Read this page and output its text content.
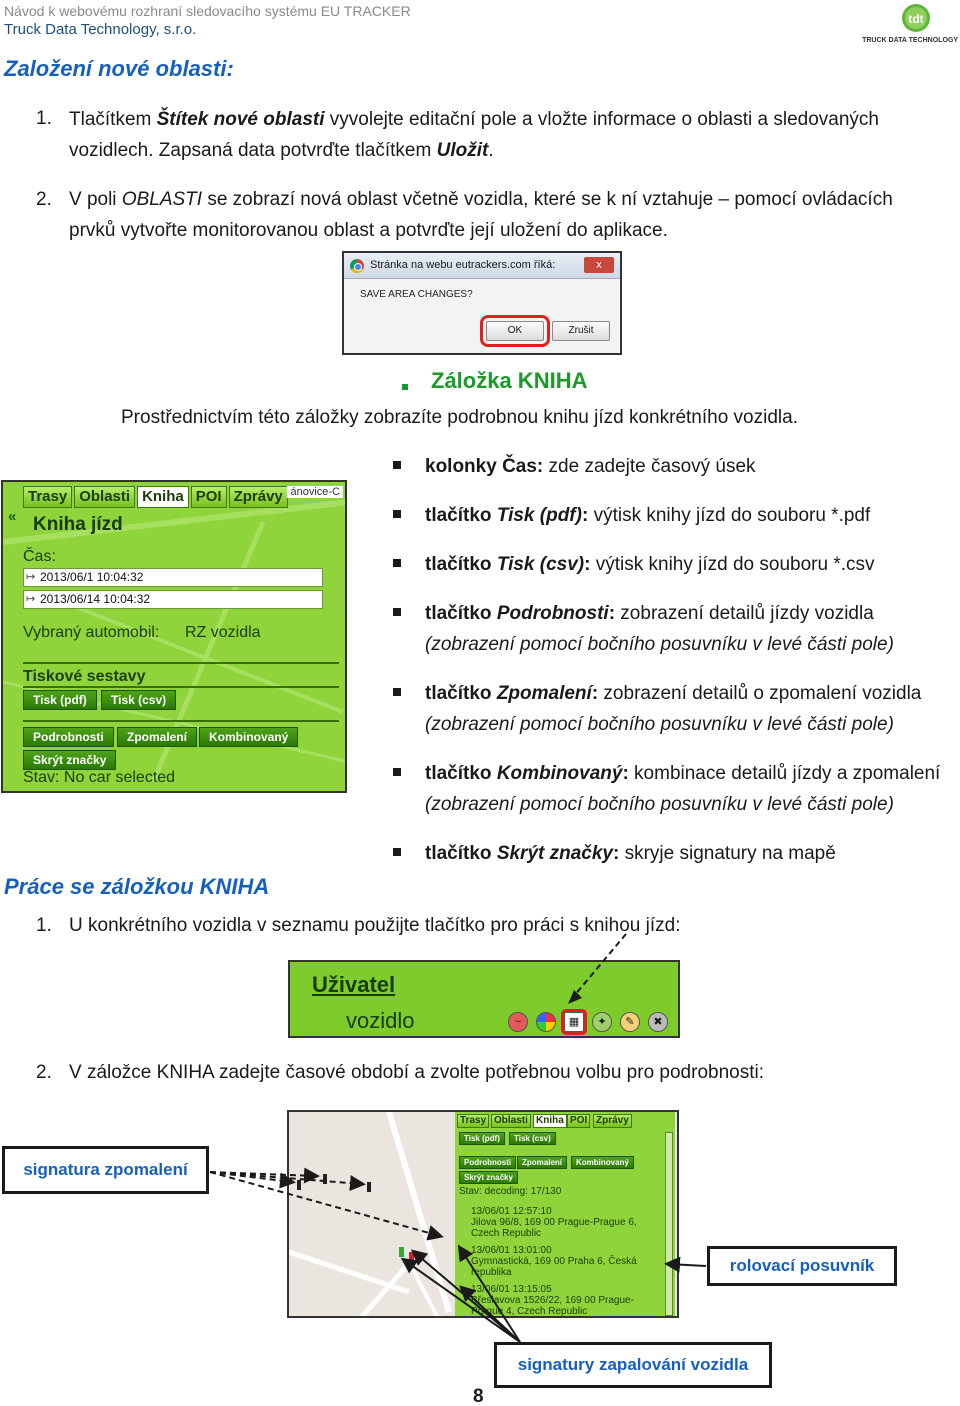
Návod k webovému rozhraní sledovacího systému EU TRACKER
Truck Data Technology, s.r.o.
tdt
TRUCK DATA TECHNOLOGY
Založení nové oblasti:
1. Tlačítkem Štítek nové oblasti vyvolejte editační pole a vložte informace o oblasti a sledovaných
vozidlech. Zapsaná data potvrďte tlačítkem Uložit.
2. V poli OBLASTI se zobrazí nová oblast včetně vozidla, které se k ní vztahuje – pomocí ovládacích
prvků vytvořte monitorovanou oblast a potvrďte její uložení do aplikace.
Stránka na webu eutrackers.com říká:	x
SAVE AREA CHANGES?
OK	Zrušit
Záložka KNIHA
Prostřednictvím této záložky zobrazíte podrobnou knihu jízd konkrétního vozidla.
kolonky Čas: zde zadejte časový úsek
tlačítko Tisk (pdf): výtisk knihy jízd do souboru *.pdf
tlačítko Tisk (csv): výtisk knihy jízd do souboru *.csv
tlačítko Podrobnosti: zobrazení detailů jízdy vozidla
(zobrazení pomocí bočního posuvníku v levé části pole)
tlačítko Zpomalení: zobrazení detailů o zpomalení vozidla
(zobrazení pomocí bočního posuvníku v levé části pole)
tlačítko Kombinovaný: kombinace detailů jízdy a zpomalení
(zobrazení pomocí bočního posuvníku v levé části pole)
tlačítko Skrýt značky: skryje signatury na mapě
Trasy Oblasti Kniha POI Zprávy ánovice-C
« Kniha jízd
Čas:
↦ 2013/06/1 10:04:32
↦ 2013/06/14 10:04:32
Vybraný automobil: RZ vozidla
Tiskové sestavy
Tisk (pdf)	Tisk (csv)
Podrobnosti	Zpomalení	Kombinovaný
Skrýt značky
Stav: No car selected
Práce se záložkou KNIHA
1. U konkrétního vozidla v seznamu použijte tlačítko pro práci s knihou jízd:
Uživatel
vozidlo	~	▦	✦	✎	✖
2. V záložce KNIHA zadejte časové období a zvolte potřebnou volbu pro podrobnosti:
Trasy Oblasti Kniha POI Zprávy
Tisk (pdf)	Tisk (csv)
Podrobnosti	Zpomalení	Kombinovaný
Skrýt značky
Stav: decoding: 17/130
13/06/01 12:57:10
Jilova 96/8, 169 00 Prague-Prague 6,
Czech Republic
13/06/01 13:01:00
Gymnastická, 169 00 Praha 6, Česká
republika
13/06/01 13:15:05
Břeslavova 1526/22, 169 00 Prague-
Praque 4, Czech Republic
signatura zpomalení
rolovací posuvník
signatury zapalování vozidla
8
